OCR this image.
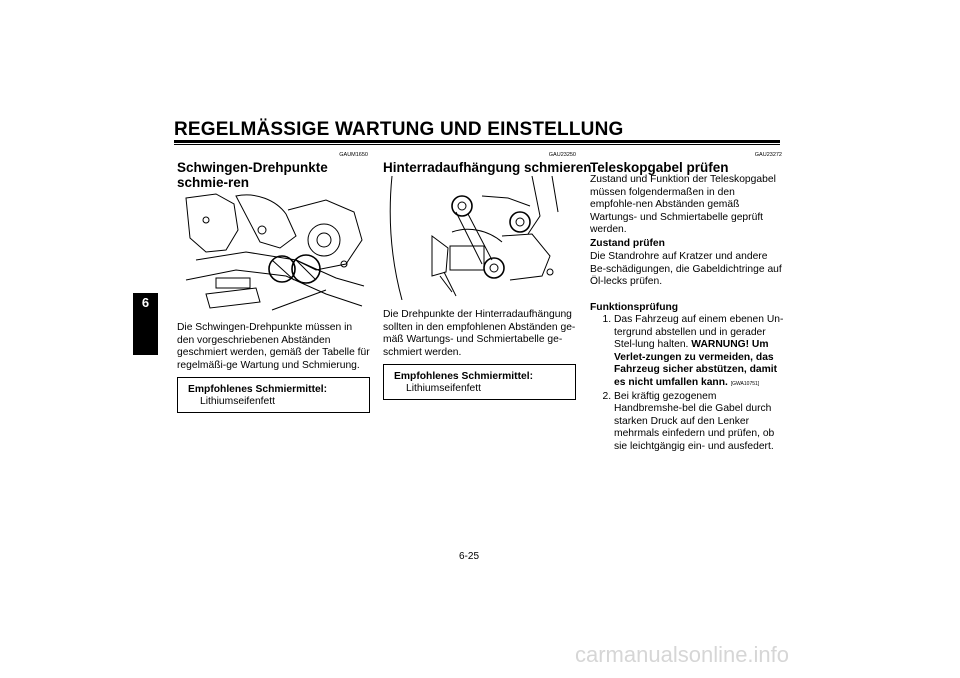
REGELMÄSSIGE WARTUNG UND EINSTELLUNG
6
GAUM1650
Schwingen-Drehpunkte schmie-ren
Die Schwingen-Drehpunkte müssen in den vorgeschriebenen Abständen geschmiert werden, gemäß der Tabelle für regelmäßi-ge Wartung und Schmierung.
Empfohlenes Schmiermittel:
Lithiumseifenfett
GAU23250
Hinterradaufhängung schmieren
Die Drehpunkte der Hinterradaufhängung sollten in den empfohlenen Abständen ge-mäß Wartungs- und Schmiertabelle ge-schmiert werden.
Empfohlenes Schmiermittel:
Lithiumseifenfett
GAU23272
Teleskopgabel prüfen
Zustand und Funktion der Teleskopgabel müssen folgendermaßen in den empfohle-nen Abständen gemäß Wartungs- und Schmiertabelle geprüft werden.
Zustand prüfen
Die Standrohre auf Kratzer und andere Be-schädigungen, die Gabeldichtringe auf Öl-lecks prüfen.
Funktionsprüfung
1. Das Fahrzeug auf einem ebenen Un-tergrund abstellen und in gerader Stel-lung halten. WARNUNG! Um Verlet-zungen zu vermeiden, das Fahrzeug sicher abstützen, damit es nicht umfallen kann. [GWA10751]
2. Bei kräftig gezogenem Handbremshe-bel die Gabel durch starken Druck auf den Lenker mehrmals einfedern und prüfen, ob sie leichtgängig ein- und ausfedert.
6-25
carmanualsonline.info
